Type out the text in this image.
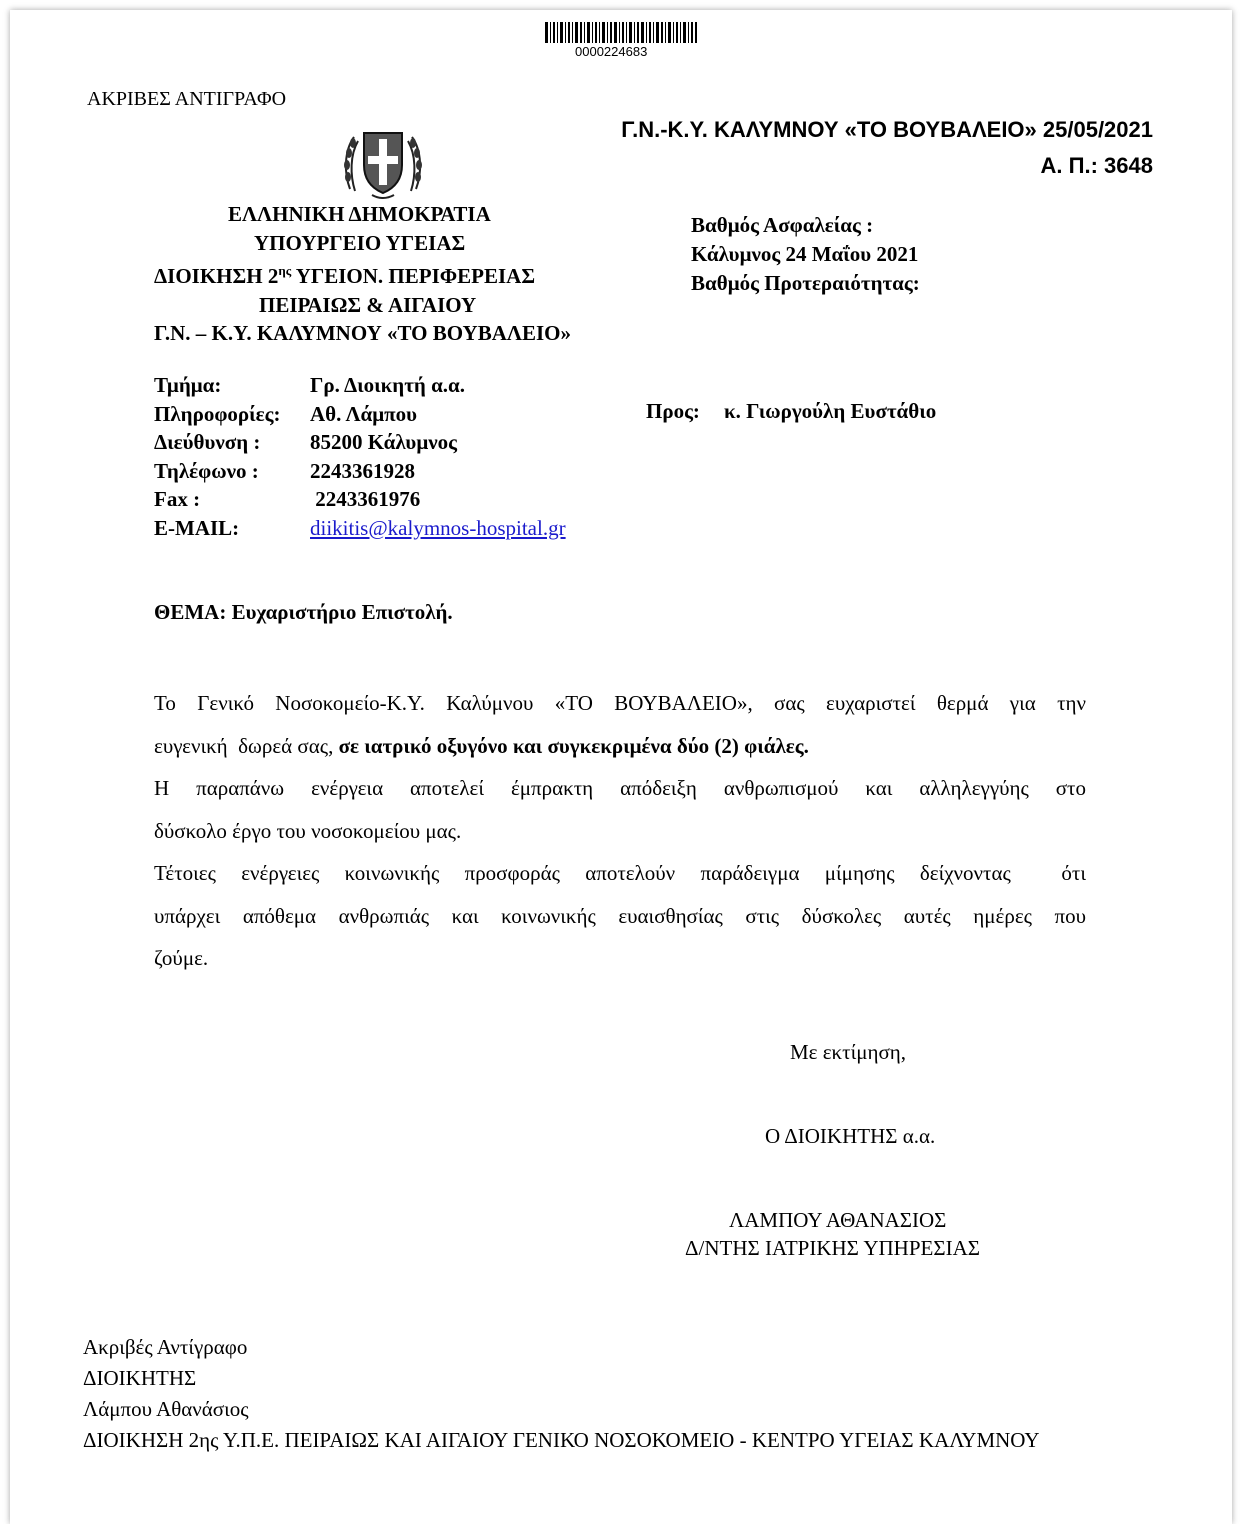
0000224683
ΑΚΡΙΒΕΣ ΑΝΤΙΓΡΑΦΟ
Γ.Ν.-Κ.Υ. ΚΑΛΥΜΝΟΥ «ΤΟ ΒΟΥΒΑΛΕΙΟ» 25/05/2021
Α. Π.: 3648
ΕΛΛΗΝΙΚΗ ΔΗΜΟΚΡΑΤΙΑ
ΥΠΟΥΡΓΕΙΟ ΥΓΕΙΑΣ
ΔΙΟΙΚΗΣΗ $2^{\eta\varsigma}$ ΥΓΕΙΟΝ. ΠΕΡΙΦΕΡΕΙΑΣ
ΠΕΙΡΑΙΩΣ & ΑΙΓΑΙΟΥ
Γ.Ν. – Κ.Υ. ΚΑΛΥΜΝΟΥ «ΤΟ ΒΟΥΒΑΛΕΙΟ»
Βαθμός Ασφαλείας :
Κάλυμνος 24 Μαΐου 2021
Βαθμός Προτεραιότητας:
Τμήμα:	Γρ. Διοικητή α.α.
Πληροφορίες:	Αθ. Λάμπου
Διεύθυνση :	85200 Κάλυμνος
Τηλέφωνο :	2243361928
Fax :	2243361976
E-MAIL:	diikitis@kalymnos-hospital.gr
Προς: κ. Γιωργούλη Ευστάθιο
ΘΕΜΑ: Ευχαριστήριο Επιστολή.
Το Γενικό Νοσοκομείο-Κ.Υ. Καλύμνου «ΤΟ ΒΟΥΒΑΛΕΙΟ», σας ευχαριστεί θερμά για την
ευγενική  δωρεά σας, σε ιατρικό οξυγόνο και συγκεκριμένα δύο (2) φιάλες.
Η παραπάνω ενέργεια αποτελεί έμπρακτη απόδειξη ανθρωπισμού και αλληλεγγύης στο
δύσκολο έργο του νοσοκομείου μας.
Τέτοιες ενέργειες κοινωνικής προσφοράς αποτελούν παράδειγμα μίμησης δείχνοντας  ότι
υπάρχει απόθεμα ανθρωπιάς και κοινωνικής ευαισθησίας στις δύσκολες αυτές ημέρες που
ζούμε.
Με εκτίμηση,
Ο ΔΙΟΙΚΗΤΗΣ α.α.
ΛΑΜΠΟΥ ΑΘΑΝΑΣΙΟΣ
Δ/ΝΤΗΣ ΙΑΤΡΙΚΗΣ ΥΠΗΡΕΣΙΑΣ
Ακριβές Αντίγραφο
ΔΙΟΙΚΗΤΗΣ
Λάμπου Αθανάσιος
ΔΙΟΙΚΗΣΗ 2ης Υ.Π.Ε. ΠΕΙΡΑΙΩΣ ΚΑΙ ΑΙΓΑΙΟΥ ΓΕΝΙΚΟ ΝΟΣΟΚΟΜΕΙΟ - ΚΕΝΤΡΟ ΥΓΕΙΑΣ ΚΑΛΥΜΝΟΥ
